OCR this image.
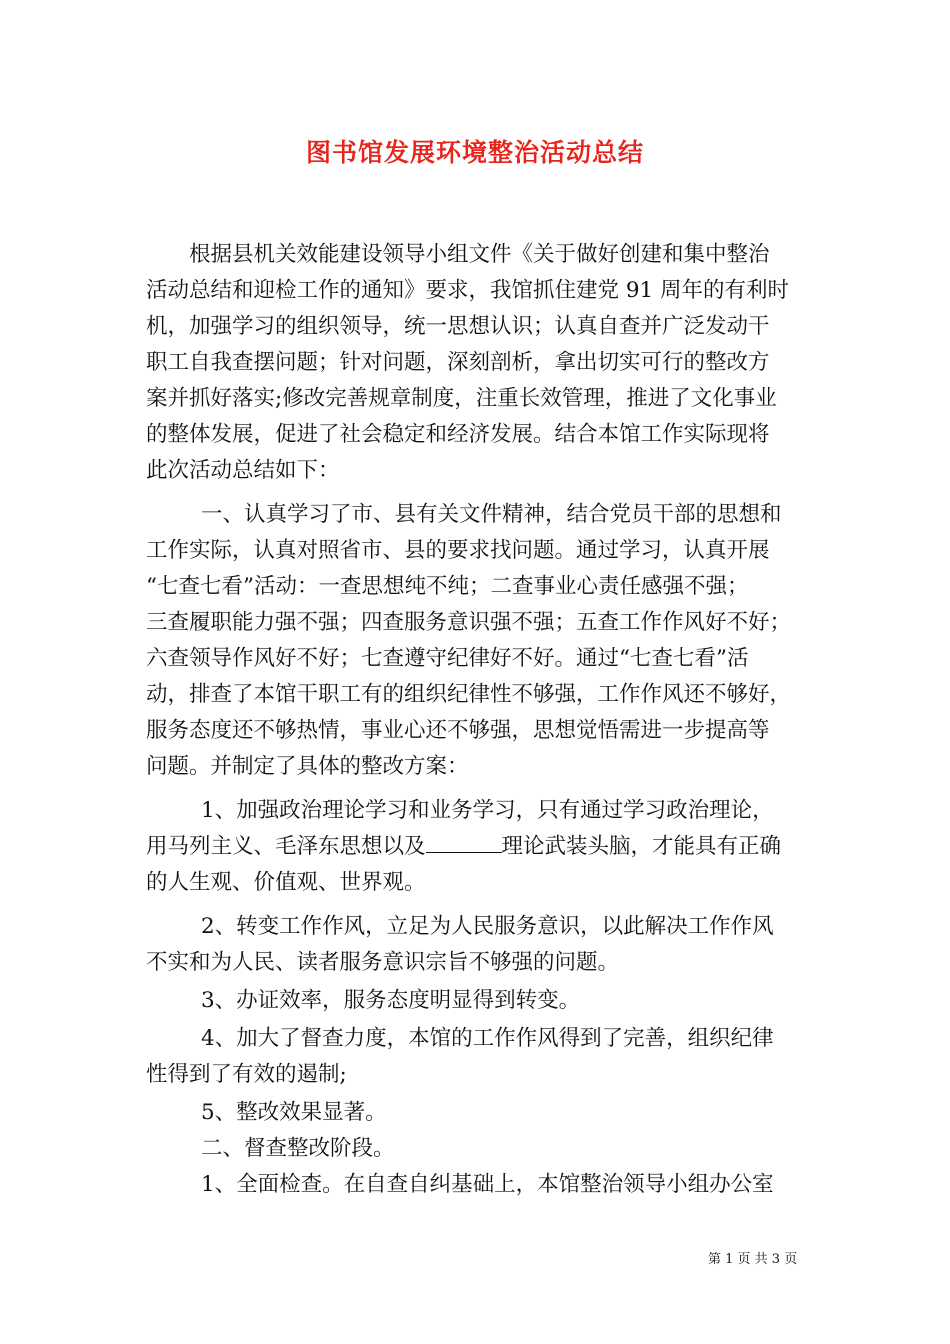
图书馆发展环境整治活动总结
根据县机关效能建设领导小组文件《关于做好创建和集中整治
活动总结和迎检工作的通知》要求，我馆抓住建党 91 周年的有利时
机，加强学习的组织领导，统一思想认识；认真自查并广泛发动干
职工自我查摆问题；针对问题，深刻剖析，拿出切实可行的整改方
案并抓好落实;修改完善规章制度，注重长效管理，推进了文化事业
的整体发展，促进了社会稳定和经济发展。结合本馆工作实际现将
此次活动总结如下：
一、认真学习了市、县有关文件精神，结合党员干部的思想和
工作实际，认真对照省市、县的要求找问题。通过学习，认真开展
“七查七看”活动：一查思想纯不纯；二查事业心责任感强不强；
三查履职能力强不强；四查服务意识强不强；五查工作作风好不好；
六查领导作风好不好；七查遵守纪律好不好。通过“七查七看”活
动，排查了本馆干职工有的组织纪律性不够强，工作作风还不够好，
服务态度还不够热情，事业心还不够强，思想觉悟需进一步提高等
问题。并制定了具体的整改方案：
1、加强政治理论学习和业务学习，只有通过学习政治理论，
用马列主义、毛泽东思想以及	理论武装头脑，才能具有正确
的人生观、价值观、世界观。
2、转变工作作风，立足为人民服务意识，以此解决工作作风
不实和为人民、读者服务意识宗旨不够强的问题。
3、办证效率，服务态度明显得到转变。
4、加大了督查力度，本馆的工作作风得到了完善，组织纪律
性得到了有效的遏制;
5、整改效果显著。
二、督查整改阶段。
1、全面检查。在自查自纠基础上，本馆整治领导小组办公室
第 1 页 共 3 页
